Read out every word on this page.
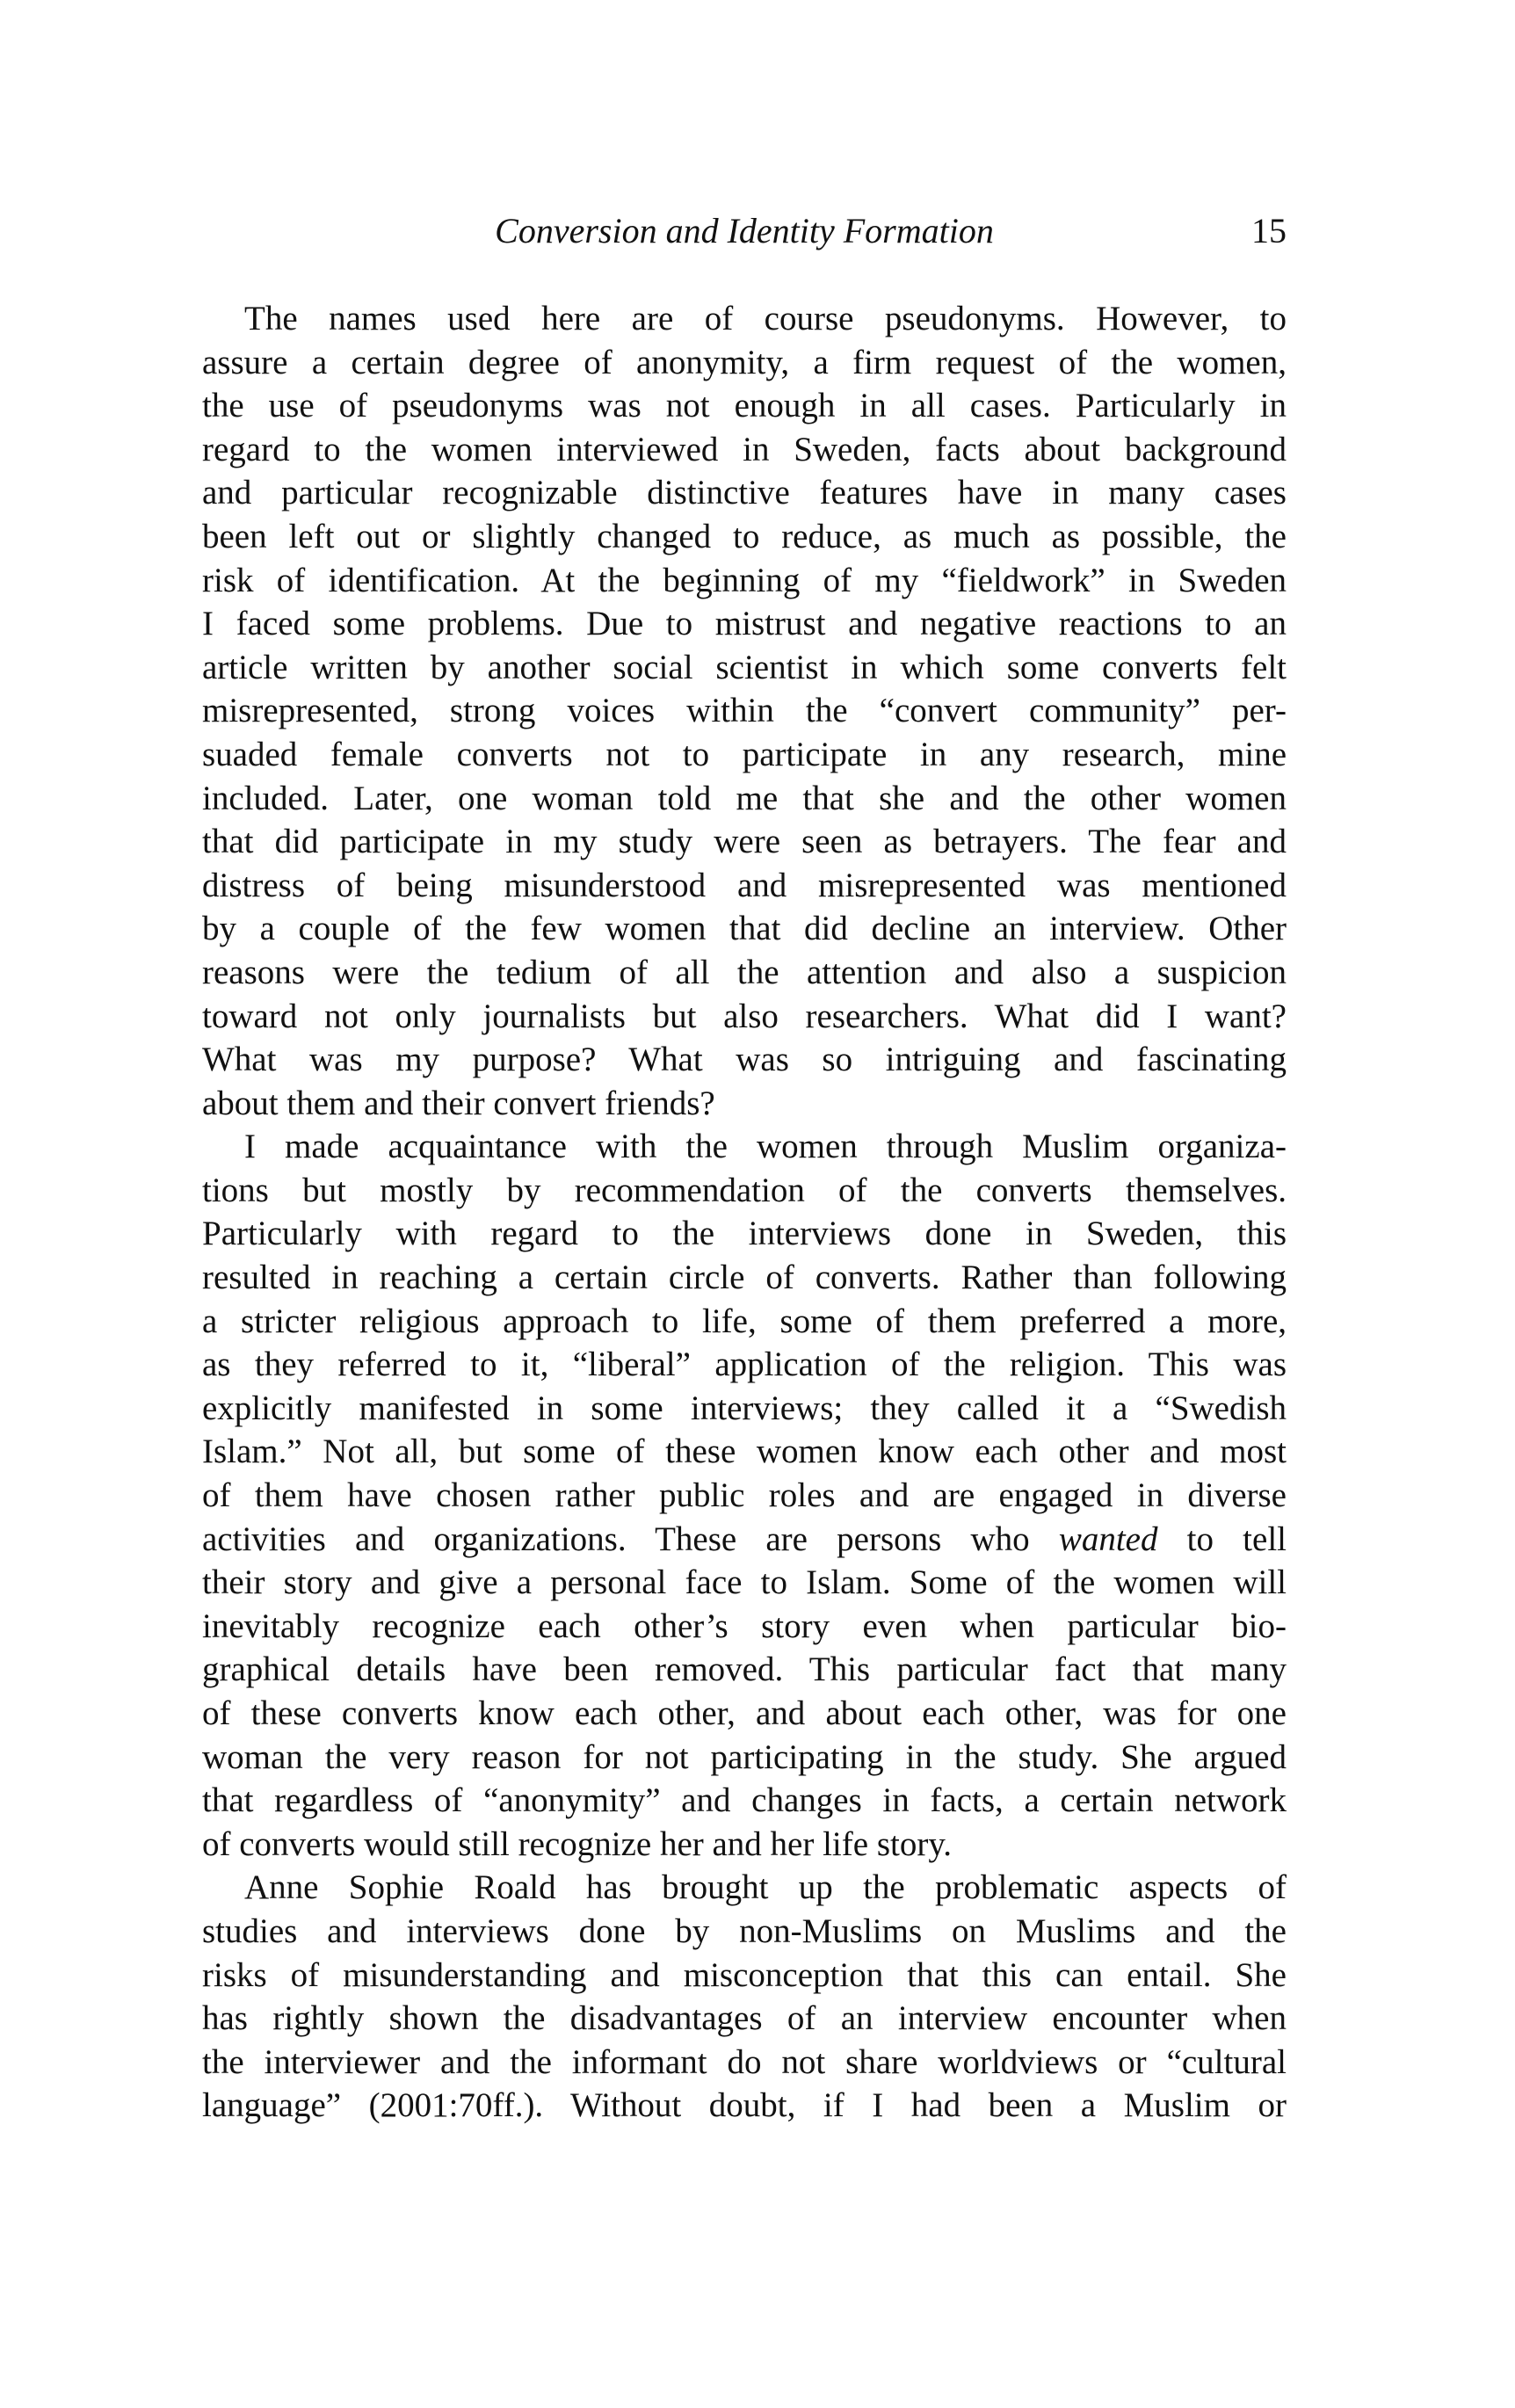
Conversion and Identity Formation	15
The names used here are of course pseudonyms. However, to
assure a certain degree of anonymity, a firm request of the women,
the use of pseudonyms was not enough in all cases. Particularly in
regard to the women interviewed in Sweden, facts about background
and particular recognizable distinctive features have in many cases
been left out or slightly changed to reduce, as much as possible, the
risk of identification. At the beginning of my “fieldwork” in Sweden
I faced some problems. Due to mistrust and negative reactions to an
article written by another social scientist in which some converts felt
misrepresented, strong voices within the “convert community” per-
suaded female converts not to participate in any research, mine
included. Later, one woman told me that she and the other women
that did participate in my study were seen as betrayers. The fear and
distress of being misunderstood and misrepresented was mentioned
by a couple of the few women that did decline an interview. Other
reasons were the tedium of all the attention and also a suspicion
toward not only journalists but also researchers. What did I want?
What was my purpose? What was so intriguing and fascinating
about them and their convert friends?
I made acquaintance with the women through Muslim organiza-
tions but mostly by recommendation of the converts themselves.
Particularly with regard to the interviews done in Sweden, this
resulted in reaching a certain circle of converts. Rather than following
a stricter religious approach to life, some of them preferred a more,
as they referred to it, “liberal” application of the religion. This was
explicitly manifested in some interviews; they called it a “Swedish
Islam.” Not all, but some of these women know each other and most
of them have chosen rather public roles and are engaged in diverse
activities and organizations. These are persons who wanted to tell
their story and give a personal face to Islam. Some of the women will
inevitably recognize each other’s story even when particular bio-
graphical details have been removed. This particular fact that many
of these converts know each other, and about each other, was for one
woman the very reason for not participating in the study. She argued
that regardless of “anonymity” and changes in facts, a certain network
of converts would still recognize her and her life story.
Anne Sophie Roald has brought up the problematic aspects of
studies and interviews done by non-Muslims on Muslims and the
risks of misunderstanding and misconception that this can entail. She
has rightly shown the disadvantages of an interview encounter when
the interviewer and the informant do not share worldviews or “cultural
language” (2001:70ff.). Without doubt, if I had been a Muslim or
